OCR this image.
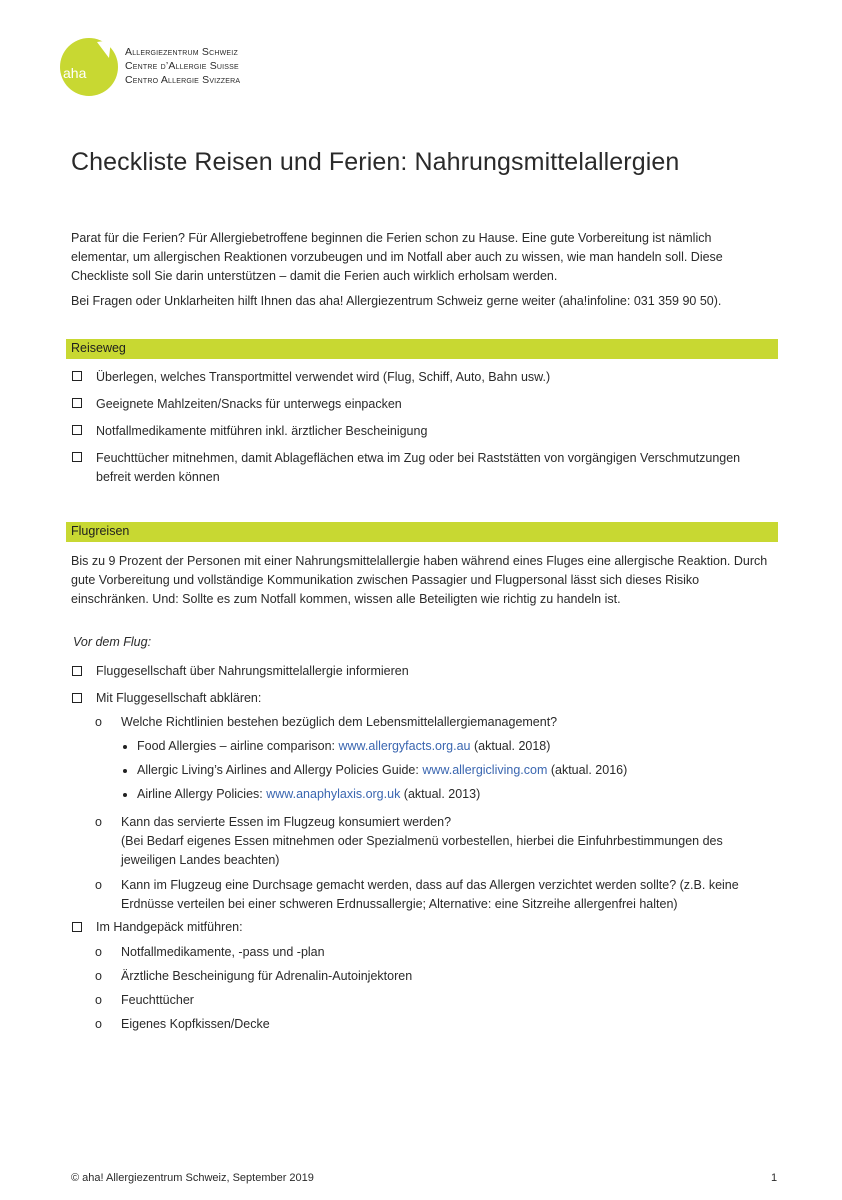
aha
Allergiezentrum Schweiz
Centre d’Allergie Suisse
Centro Allergie Svizzera
Checkliste Reisen und Ferien: Nahrungsmittelallergien

Parat für die Ferien? Für Allergiebetroffene beginnen die Ferien schon zu Hause. Eine gute Vorbereitung ist nämlich elementar, um allergischen Reaktionen vorzubeugen und im Notfall aber auch zu wissen, wie man handeln soll. Diese Checkliste soll Sie darin unterstützen – damit die Ferien auch wirklich erholsam werden.

Bei Fragen oder Unklarheiten hilft Ihnen das aha! Allergiezentrum Schweiz gerne weiter (aha!infoline: 031 359 90 50).

Reiseweg
Überlegen, welches Transportmittel verwendet wird (Flug, Schiff, Auto, Bahn usw.)
Geeignete Mahlzeiten/Snacks für unterwegs einpacken
Notfallmedikamente mitführen inkl. ärztlicher Bescheinigung
Feuchttücher mitnehmen, damit Ablageflächen etwa im Zug oder bei Raststätten von vorgängigen Verschmutzungen befreit werden können
Flugreisen

Bis zu 9 Prozent der Personen mit einer Nahrungsmittelallergie haben während eines Fluges eine allergische Reaktion. Durch gute Vorbereitung und vollständige Kommunikation zwischen Passagier und Flugpersonal lässt sich dieses Risiko einschränken. Und: Sollte es zum Notfall kommen, wissen alle Beteiligten wie richtig zu handeln ist.

Vor dem Flug:
Fluggesellschaft über Nahrungsmittelallergie informieren
Mit Fluggesellschaft abklären:
o Welche Richtlinien bestehen bezüglich dem Lebensmittelallergiemanagement?
Food Allergies – airline comparison: www.allergyfacts.org.au (aktual. 2018)
Allergic Living’s Airlines and Allergy Policies Guide: www.allergicliving.com (aktual. 2016)
Airline Allergy Policies: www.anaphylaxis.org.uk (aktual. 2013)
o Kann das servierte Essen im Flugzeug konsumiert werden?
(Bei Bedarf eigenes Essen mitnehmen oder Spezialmenü vorbestellen, hierbei die Einfuhrbestimmungen des jeweiligen Landes beachten)
o Kann im Flugzeug eine Durchsage gemacht werden, dass auf das Allergen verzichtet werden sollte? (z.B. keine Erdnüsse verteilen bei einer schweren Erdnussallergie; Alternative: eine Sitzreihe allergenfrei halten)
Im Handgepäck mitführen:
o Notfallmedikamente, -pass und -plan
o Ärztliche Bescheinigung für Adrenalin-Autoinjektoren
o Feuchttücher
o Eigenes Kopfkissen/Decke
© aha! Allergiezentrum Schweiz, September 2019	1
